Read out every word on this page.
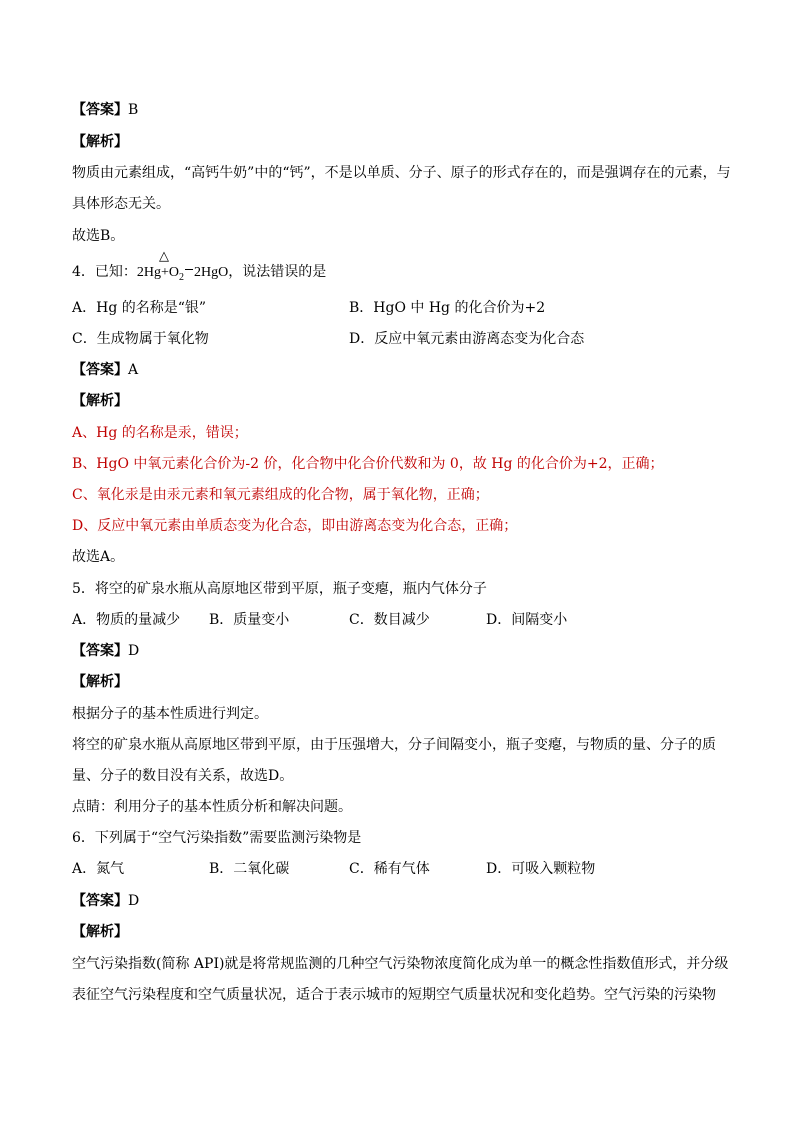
【答案】B
【解析】
物质由元素组成，“高钙牛奶”中的“钙”，不是以单质、分子、原子的形式存在的，而是强调存在的元素，与
具体形态无关。
故选B。
△
4．已知：$2Hg+O_2$ 2HgO，说法错误的是
A．Hg 的名称是“银”	B．HgO 中 Hg 的化合价为+2
C．生成物属于氧化物	D．反应中氧元素由游离态变为化合态
【答案】A
【解析】
A、Hg 的名称是汞，错误；
B、HgO 中氧元素化合价为-2 价，化合物中化合价代数和为 0，故 Hg 的化合价为+2，正确；
C、氧化汞是由汞元素和氧元素组成的化合物，属于氧化物，正确；
D、反应中氧元素由单质态变为化合态，即由游离态变为化合态，正确；
故选A。
5．将空的矿泉水瓶从高原地区带到平原，瓶子变瘪，瓶内气体分子
A．物质的量减少 B．质量变小	C．数目减少	D．间隔变小
【答案】D
【解析】
根据分子的基本性质进行判定。
将空的矿泉水瓶从高原地区带到平原，由于压强增大，分子间隔变小，瓶子变瘪，与物质的量、分子的质
量、分子的数目没有关系，故选D。
点睛：利用分子的基本性质分析和解决问题。
6．下列属于“空气污染指数”需要监测污染物是
A．氮气	B．二氧化碳	C．稀有气体	D．可吸入颗粒物
【答案】D
【解析】
空气污染指数(简称 API)就是将常规监测的几种空气污染物浓度简化成为单一的概念性指数值形式，并分级
表征空气污染程度和空气质量状况，适合于表示城市的短期空气质量状况和变化趋势。空气污染的污染物
